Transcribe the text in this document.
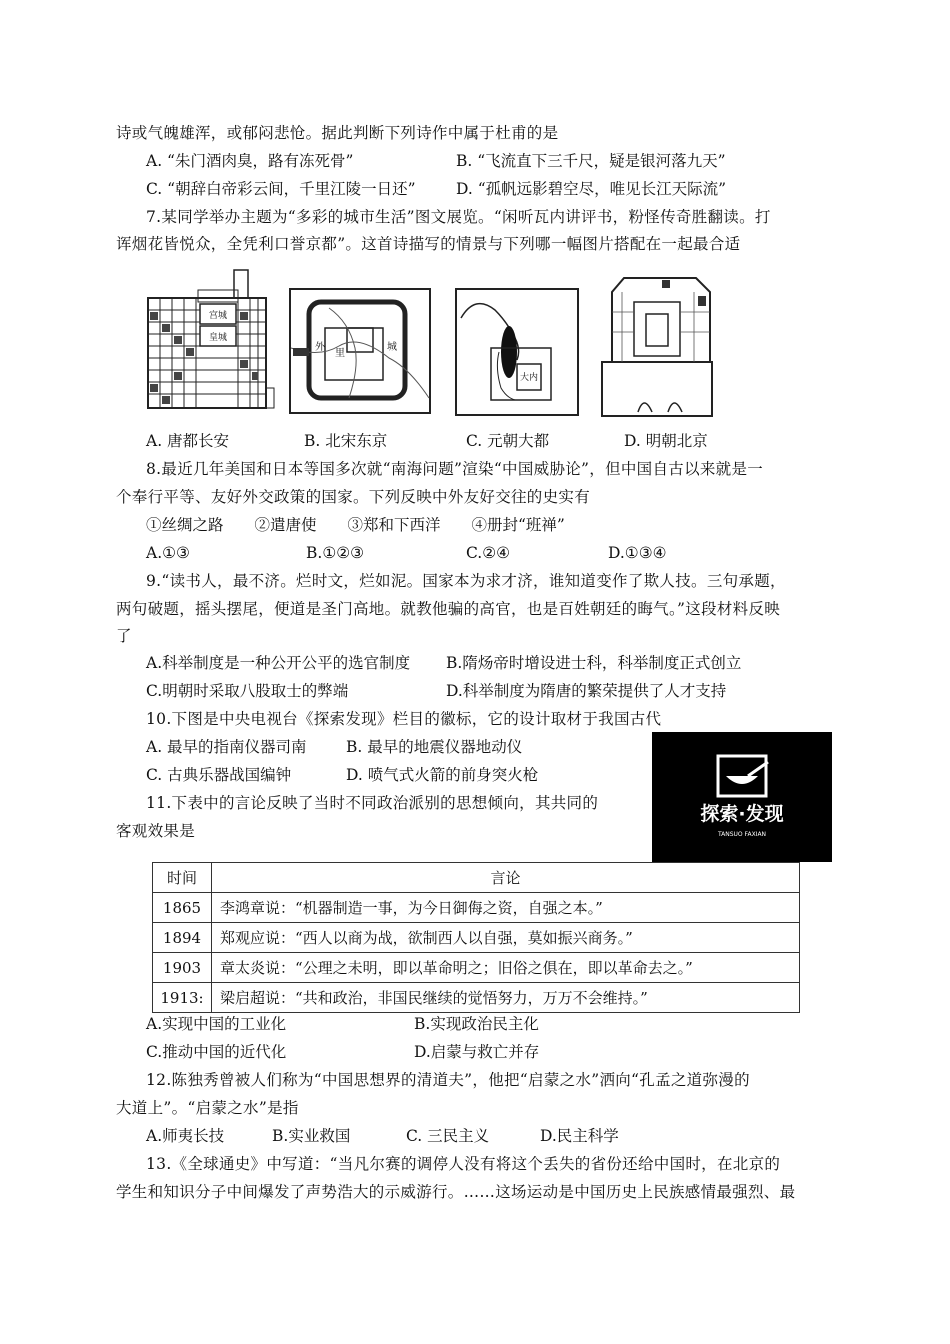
诗或气魄雄浑，或郁闷悲怆。据此判断下列诗作中属于杜甫的是
A. “朱门酒肉臭，路有冻死骨”	B. “飞流直下三千尺，疑是银河落九天”
C. “朝辞白帝彩云间，千里江陵一日还”	D. “孤帆远影碧空尽，唯见长江天际流”
7.某同学举办主题为“多彩的城市生活”图文展览。“闲听瓦内讲评书，粉怪传奇胜翻读。打
诨烟花皆悦众，全凭利口誉京都”。这首诗描写的情景与下列哪一幅图片搭配在一起最合适
宫城
皇城
外
里
城
大内
A. 唐都长安	B. 北宋东京	C. 元朝大都	D. 明朝北京
8.最近几年美国和日本等国多次就“南海问题”渲染“中国威胁论”，但中国自古以来就是一
个奉行平等、友好外交政策的国家。下列反映中外友好交往的史实有
①丝绸之路　　②遣唐使　　③郑和下西洋　　④册封“班禅”
A.①③	B.①②③	C.②④	D.①③④
9.“读书人，最不济。烂时文，烂如泥。国家本为求才济，谁知道变作了欺人技。三句承题，
两句破题，摇头摆尾，便道是圣门高地。就教他骗的高官，也是百姓朝廷的晦气。”这段材料反映
了
A.科举制度是一种公开公平的选官制度 B.隋炀帝时增设进士科，科举制度正式创立
C.明朝时采取八股取士的弊端	D.科举制度为隋唐的繁荣提供了人才支持
10.下图是中央电视台《探索发现》栏目的徽标，它的设计取材于我国古代
A. 最早的指南仪器司南	B. 最早的地震仪器地动仪
C. 古典乐器战国编钟	D. 喷气式火箭的前身突火枪
探索·发现
TANSUO FAXIAN
11.下表中的言论反映了当时不同政治派别的思想倾向，其共同的
客观效果是
时间	言论
1865	李鸿章说：“机器制造一事，为今日御侮之资，自强之本。”
1894	郑观应说：“西人以商为战，欲制西人以自强，莫如振兴商务。”
1903	章太炎说：“公理之未明，即以革命明之；旧俗之俱在，即以革命去之。”
1913:	梁启超说：“共和政治，非国民继续的觉悟努力，万万不会维持。”
A.实现中国的工业化	B.实现政治民主化
C.推动中国的近代化	D.启蒙与救亡并存
12.陈独秀曾被人们称为“中国思想界的清道夫”，他把“启蒙之水”洒向“孔孟之道弥漫的
大道上”。“启蒙之水”是指
A.师夷长技	B.实业救国	C. 三民主义	D.民主科学
13.《全球通史》中写道：“当凡尔赛的调停人没有将这个丢失的省份还给中国时，在北京的
学生和知识分子中间爆发了声势浩大的示威游行。……这场运动是中国历史上民族感情最强烈、最
